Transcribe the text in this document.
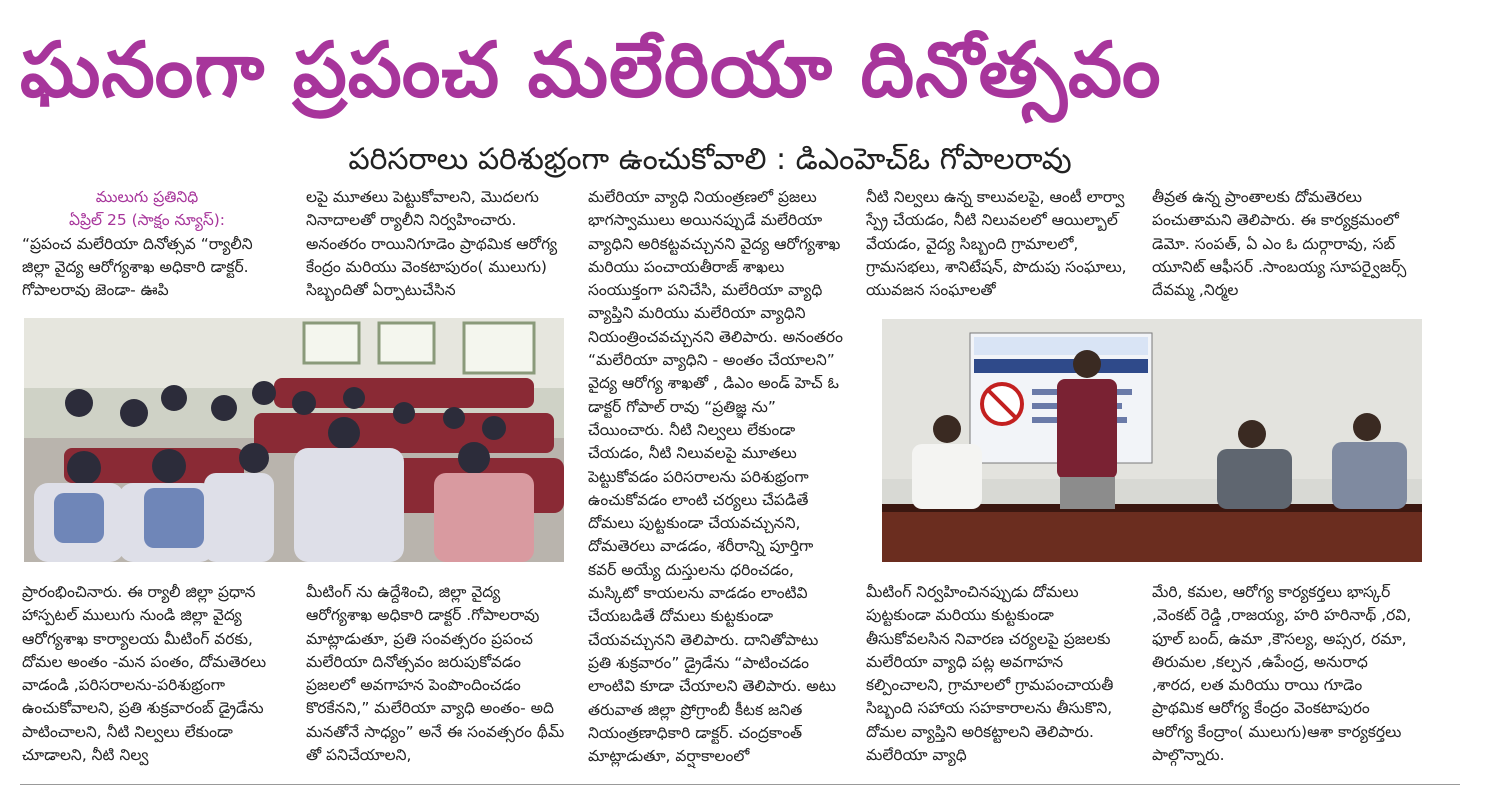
ఘనంగా ప్రపంచ మలేరియా దినోత్సవం
పరిసరాలు పరిశుభ్రంగా ఉంచుకోవాలి : డిఎంహెచ్ఓ గోపాలరావు
ములుగు ప్రతినిధి
ఏప్రిల్ 25 (సాక్షం న్యూస్):

“ప్రపంచ మలేరియా దినోత్సవ “ర్యాలీని జిల్లా వైద్య ఆరోగ్యశాఖ అధికారి డాక్టర్. గోపాలరావు జెండా- ఊపి

లపై మూతలు పెట్టుకోవాలని, మొదలగు నినాదాలతో ర్యాలీని నిర్వహించారు. అనంతరం రాయినిగూడెం ప్రాథమిక ఆరోగ్య కేంద్రం మరియు వెంకటాపురం( ములుగు) సిబ్బందితో ఏర్పాటుచేసిన

మలేరియా వ్యాధి నియంత్రణలో ప్రజలు భాగస్వాములు అయినప్పుడే మలేరియా వ్యాధిని అరికట్టవచ్చునని వైద్య ఆరోగ్యశాఖ మరియు పంచాయతీరాజ్ శాఖలు సంయుక్తంగా పనిచేసి, మలేరియా వ్యాధి వ్యాప్తిని మరియు మలేరియా వ్యాధిని నియంత్రించవచ్చునని తెలిపారు. అనంతరం “మలేరియా వ్యాధిని - అంతం చేయాలని” వైద్య ఆరోగ్య శాఖతో , డిఎం అండ్ హెచ్ ఓ డాక్టర్ గోపాల్ రావు “ప్రతిజ్ఞ ను” చేయించారు. నీటి నిల్వలు లేకుండా చేయడం, నీటి నిలువలపై మూతలు పెట్టుకోవడం పరిసరాలను పరిశుభ్రంగా ఉంచుకోవడం లాంటి చర్యలు చేపడితే దోమలు పుట్టకుండా చేయవచ్చునని, దోమతెరలు వాడడం, శరీరాన్ని పూర్తిగా కవర్ అయ్యే దుస్తులను ధరించడం, మస్కిటో కాయలను వాడడం లాంటివి చేయబడితే దోమలు కుట్టకుండా చేయవచ్చునని తెలిపారు. దానితోపాటు ప్రతి శుక్రవారం” డ్రైడేను “పాటించడం లాంటివి కూడా చేయాలని తెలిపారు. అటు తరువాత జిల్లా ప్రోగ్రాంబీ కీటక జనిత నియంత్రణాధికారి డాక్టర్. చంద్రకాంత్ మాట్లాడుతూ, వర్షాకాలంలో

నీటి నిల్వలు ఉన్న కాలువలపై, ఆంటీ లార్వా స్ప్రే చేయడం, నీటి నిలువలలో ఆయిల్బాల్ వేయడం, వైద్య సిబ్బంది గ్రామాలలో, గ్రామసభలు, శానిటేషన్, పొదుపు సంఘాలు, యువజన సంఘాలతో

తీవ్రత ఉన్న ప్రాంతాలకు దోమతెరలు పంచుతామని తెలిపారు. ఈ కార్యక్రమంలో డెమో. సంపత్, ఏ ఎం ఓ దుర్గారావు, సబ్ యూనిట్ ఆఫీసర్ .సాంబయ్య సూపర్వైజర్స్ దేవమ్మ ,నిర్మల

ప్రారంభించినారు. ఈ ర్యాలీ జిల్లా ప్రధాన హాస్పటల్ ములుగు నుండి జిల్లా వైద్య ఆరోగ్యశాఖ కార్యాలయ మీటింగ్ వరకు, దోమల అంతం -మన పంతం, దోమతెరలు వాడండి ,పరిసరాలను-పరిశుభ్రంగా ఉంచుకోవాలని, ప్రతి శుక్రవారంబ్ డ్రైడేను పాటించాలని, నీటి నిల్వలు లేకుండా చూడాలని, నీటి నిల్వ

మీటింగ్ ను ఉద్దేశించి, జిల్లా వైద్య ఆరోగ్యశాఖ అధికారి డాక్టర్ .గోపాలరావు మాట్లాడుతూ, ప్రతి సంవత్సరం ప్రపంచ మలేరియా దినోత్సవం జరుపుకోవడం ప్రజలలో అవగాహన పెంపొందించడం కొరకేనని,” మలేరియా వ్యాధి అంతం- అది మనతోనే సాధ్యం” అనే ఈ సంవత్సరం థీమ్ తో పనిచేయాలని,

మీటింగ్ నిర్వహించినప్పుడు దోమలు పుట్టకుండా మరియు కుట్టకుండా తీసుకోవలసిన నివారణ చర్యలపై ప్రజలకు మలేరియా వ్యాధి పట్ల అవగాహన కల్పించాలని, గ్రామాలలో గ్రామపంచాయతీ సిబ్బంది సహాయ సహకారాలను తీసుకొని, దోమల వ్యాప్తిని అరికట్టాలని తెలిపారు. మలేరియా వ్యాధి

మేరి, కమల, ఆరోగ్య కార్యకర్తలు భాస్కర్ ,వెంకట్ రెడ్డి ,రాజయ్య, హరి హరినాథ్ ,రవి, ఫూల్ బంద్, ఉమా ,కౌసల్య, అప్సర, రమా, తిరుమల ,కల్పన ,ఉపేంద్ర, అనురాధ ,శారద, లత మరియు రాయి గూడెం ప్రాథమిక ఆరోగ్య కేంద్రం వెంకటాపురం ఆరోగ్య కేంద్రాం( ములుగు)ఆశా కార్యకర్తలు పాల్గొన్నారు.
